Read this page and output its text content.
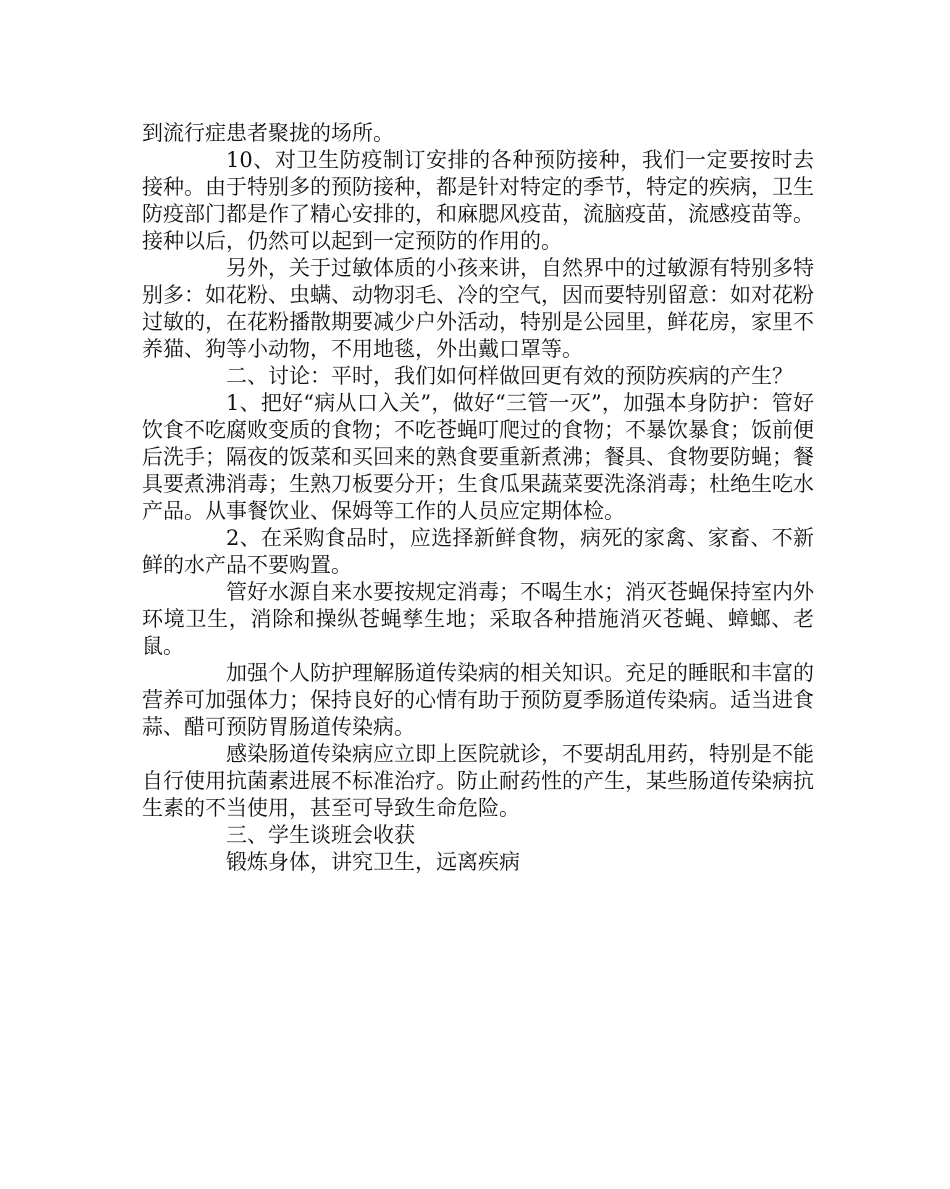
到流行症患者聚拢的场所。

10、对卫生防疫制订安排的各种预防接种，我们一定要按时去接种。由于特别多的预防接种，都是针对特定的季节，特定的疾病，卫生防疫部门都是作了精心安排的，和麻腮风疫苗，流脑疫苗，流感疫苗等。接种以后，仍然可以起到一定预防的作用的。

另外，关于过敏体质的小孩来讲，自然界中的过敏源有特别多特别多：如花粉、虫螨、动物羽毛、冷的空气，因而要特别留意：如对花粉过敏的，在花粉播散期要减少户外活动，特别是公园里，鲜花房，家里不养猫、狗等小动物，不用地毯，外出戴口罩等。

二、讨论：平时，我们如何样做回更有效的预防疾病的产生？

1、把好“病从口入关”，做好“三管一灭”，加强本身防护：管好饮食不吃腐败变质的食物；不吃苍蝇叮爬过的食物；不暴饮暴食；饭前便后洗手；隔夜的饭菜和买回来的熟食要重新煮沸；餐具、食物要防蝇；餐具要煮沸消毒；生熟刀板要分开；生食瓜果蔬菜要洗涤消毒；杜绝生吃水产品。从事餐饮业、保姆等工作的人员应定期体检。

2、在采购食品时，应选择新鲜食物，病死的家禽、家畜、不新鲜的水产品不要购置。

管好水源自来水要按规定消毒；不喝生水；消灭苍蝇保持室内外环境卫生，消除和操纵苍蝇孳生地；采取各种措施消灭苍蝇、蟑螂、老鼠。

加强个人防护理解肠道传染病的相关知识。充足的睡眠和丰富的营养可加强体力；保持良好的心情有助于预防夏季肠道传染病。适当进食蒜、醋可预防胃肠道传染病。

感染肠道传染病应立即上医院就诊，不要胡乱用药，特别是不能自行使用抗菌素进展不标准治疗。防止耐药性的产生，某些肠道传染病抗生素的不当使用，甚至可导致生命危险。

三、学生谈班会收获

锻炼身体，讲究卫生，远离疾病
